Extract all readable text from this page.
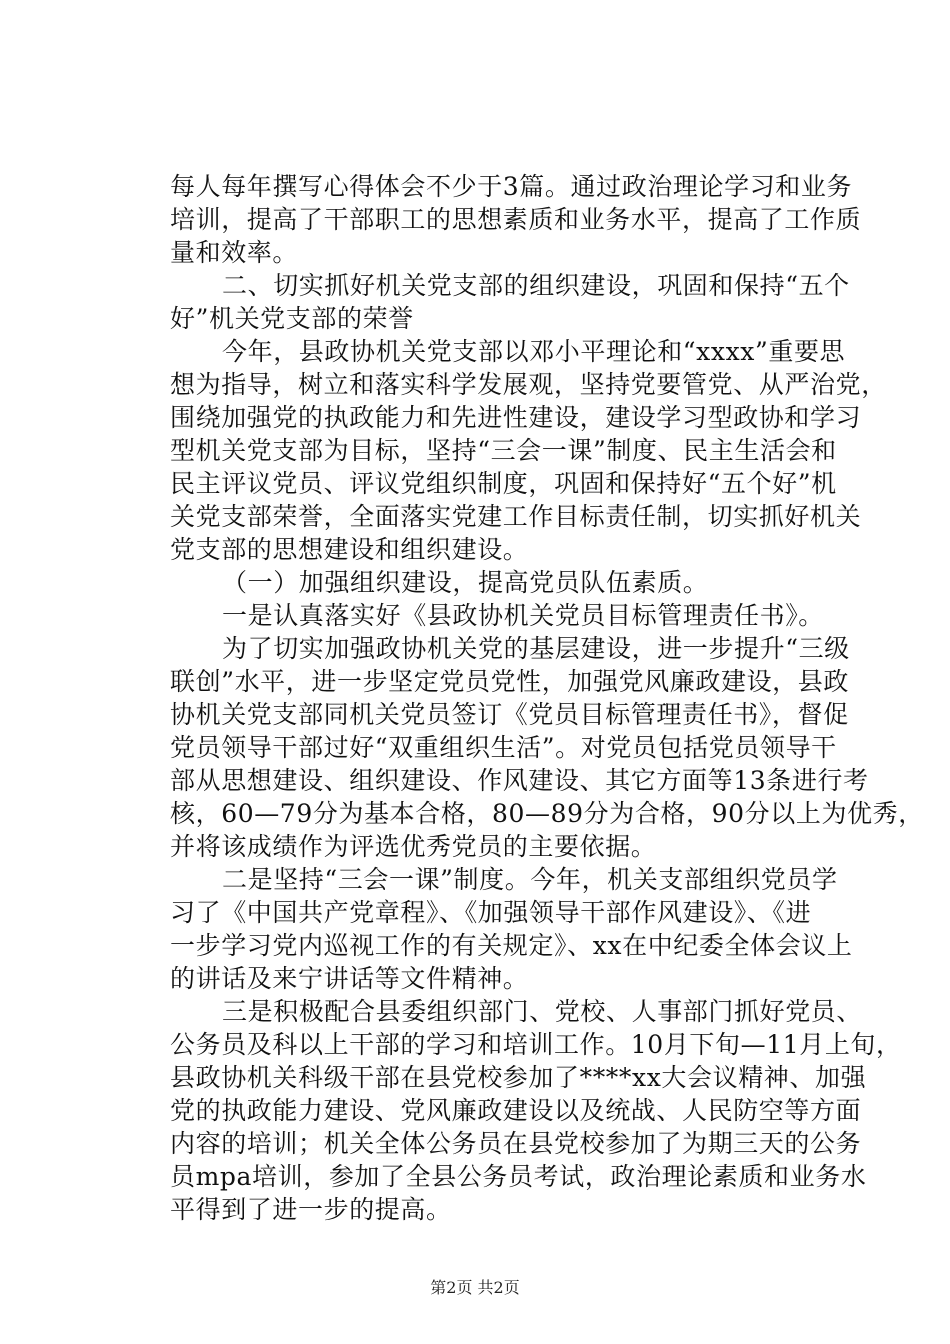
每人每年撰写心得体会不少于3篇。通过政治理论学习和业务
培训，提高了干部职工的思想素质和业务水平，提高了工作质
量和效率。
二、切实抓好机关党支部的组织建设，巩固和保持“五个
好”机关党支部的荣誉
今年，县政协机关党支部以邓小平理论和“xxxx”重要思
想为指导，树立和落实科学发展观，坚持党要管党、从严治党，
围绕加强党的执政能力和先进性建设，建设学习型政协和学习
型机关党支部为目标，坚持“三会一课”制度、民主生活会和
民主评议党员、评议党组织制度，巩固和保持好“五个好”机
关党支部荣誉，全面落实党建工作目标责任制，切实抓好机关
党支部的思想建设和组织建设。
（一）加强组织建设，提高党员队伍素质。
一是认真落实好《县政协机关党员目标管理责任书》。
为了切实加强政协机关党的基层建设，进一步提升“三级
联创”水平，进一步坚定党员党性，加强党风廉政建设，县政
协机关党支部同机关党员签订《党员目标管理责任书》，督促
党员领导干部过好“双重组织生活”。对党员包括党员领导干
部从思想建设、组织建设、作风建设、其它方面等13条进行考
核，60—79分为基本合格，80—89分为合格，90分以上为优秀，
并将该成绩作为评选优秀党员的主要依据。
二是坚持“三会一课”制度。今年，机关支部组织党员学
习了《中国共产党章程》、《加强领导干部作风建设》、《进
一步学习党内巡视工作的有关规定》、xx在中纪委全体会议上
的讲话及来宁讲话等文件精神。
三是积极配合县委组织部门、党校、人事部门抓好党员、
公务员及科以上干部的学习和培训工作。10月下旬—11月上旬，
县政协机关科级干部在县党校参加了****xx大会议精神、加强
党的执政能力建设、党风廉政建设以及统战、人民防空等方面
内容的培训；机关全体公务员在县党校参加了为期三天的公务
员mpa培训，参加了全县公务员考试，政治理论素质和业务水
平得到了进一步的提高。
第2页 共2页
